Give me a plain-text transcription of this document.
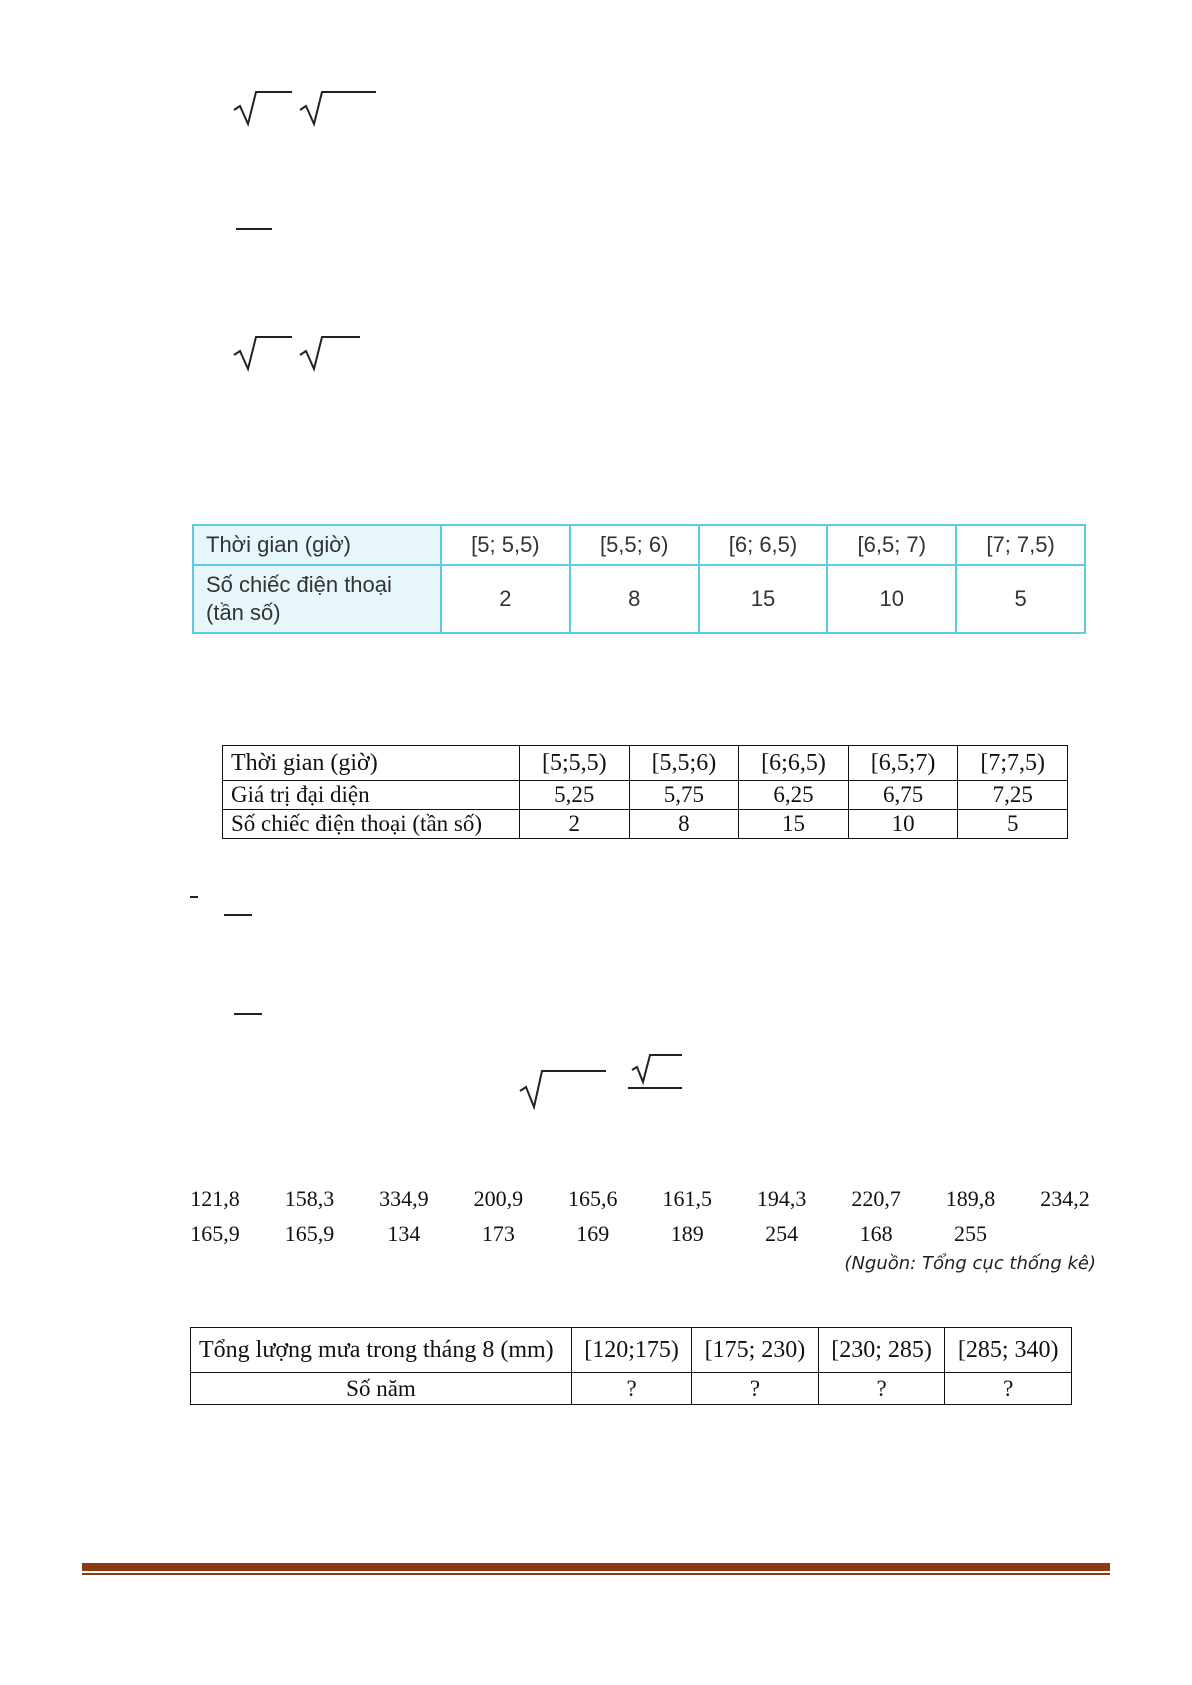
Thời gian (giờ)	[5; 5,5)	[5,5; 6)	[6; 6,5)	[6,5; 7)	[7; 7,5)
Số chiếc điện thoại
(tần số)	2	8	15	10	5
Thời gian (giờ)	[5;5,5)	[5,5;6)	[6;6,5)	[6,5;7)	[7;7,5)
Giá trị đại diện	5,25	5,75	6,25	6,75	7,25
Số chiếc điện thoại (tần số)	2	8	15	10	5
121,8	158,3	334,9	200,9	165,6	161,5	194,3	220,7	189,8	234,2
165,9	165,9	134	173	169	189	254	168	255
(Nguồn: Tổng cục thống kê)
Tổng lượng mưa trong tháng 8 (mm)	[120;175)	[175; 230)	[230; 285)	[285; 340)
Số năm	?	?	?	?
